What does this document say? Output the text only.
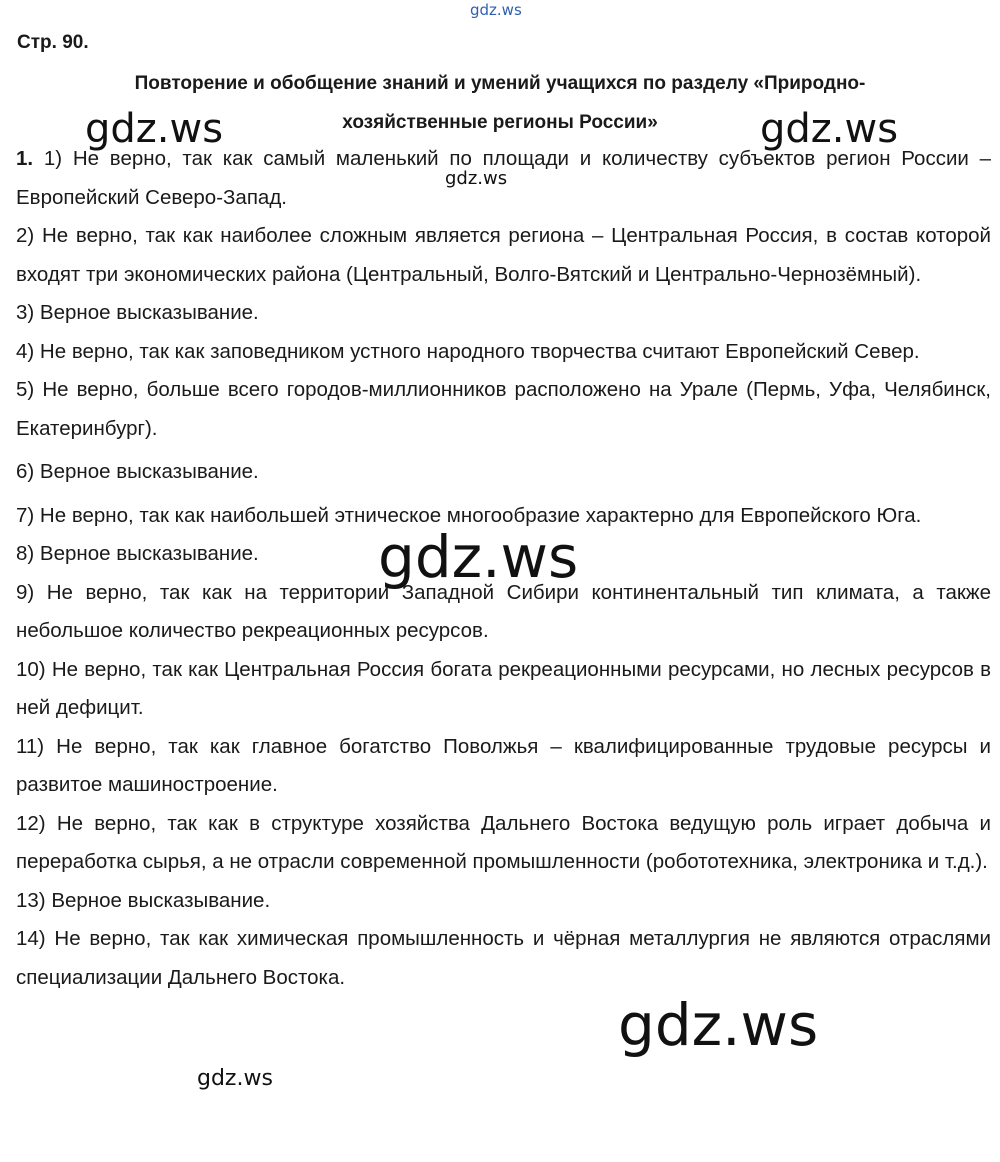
Стр. 90.
Повторение и обобщение знаний и умений учащихся по разделу «Природно-
хозяйственные регионы России»

1. 1) Не верно, так как самый маленький по площади и количеству субъектов регион России – Европейский Северо-Запад.

2) Не верно, так как наиболее сложным является региона – Центральная Россия, в состав которой входят три экономических района (Центральный, Волго-Вятский и Центрально-Чернозёмный).

3) Верное высказывание.

4) Не верно, так как заповедником устного народного творчества считают Европейский Север.

5) Не верно, больше всего городов-миллионников расположено на Урале (Пермь, Уфа, Челябинск, Екатеринбург).

6) Верное высказывание.

7) Не верно, так как наибольшей этническое многообразие характерно для Европейского Юга.

8) Верное высказывание.

9) Не верно, так как на территории Западной Сибири континентальный тип климата, а также небольшое количество рекреационных ресурсов.

10) Не верно, так как Центральная Россия богата рекреационными ресурсами, но лесных ресурсов в ней дефицит.

11) Не верно, так как главное богатство Поволжья – квалифицированные трудовые ресурсы и развитое машиностроение.

12) Не верно, так как в структуре хозяйства Дальнего Востока ведущую роль играет добыча и переработка сырья, а не отрасли современной промышленности (робототехника, электроника и т.д.).

13) Верное высказывание.

14) Не верно, так как химическая промышленность и чёрная металлургия не являются отраслями специализации Дальнего Востока.

gdz.ws
gdz.ws	gdz.ws
gdz.ws
gdz.ws
gdz.ws
gdz.ws
